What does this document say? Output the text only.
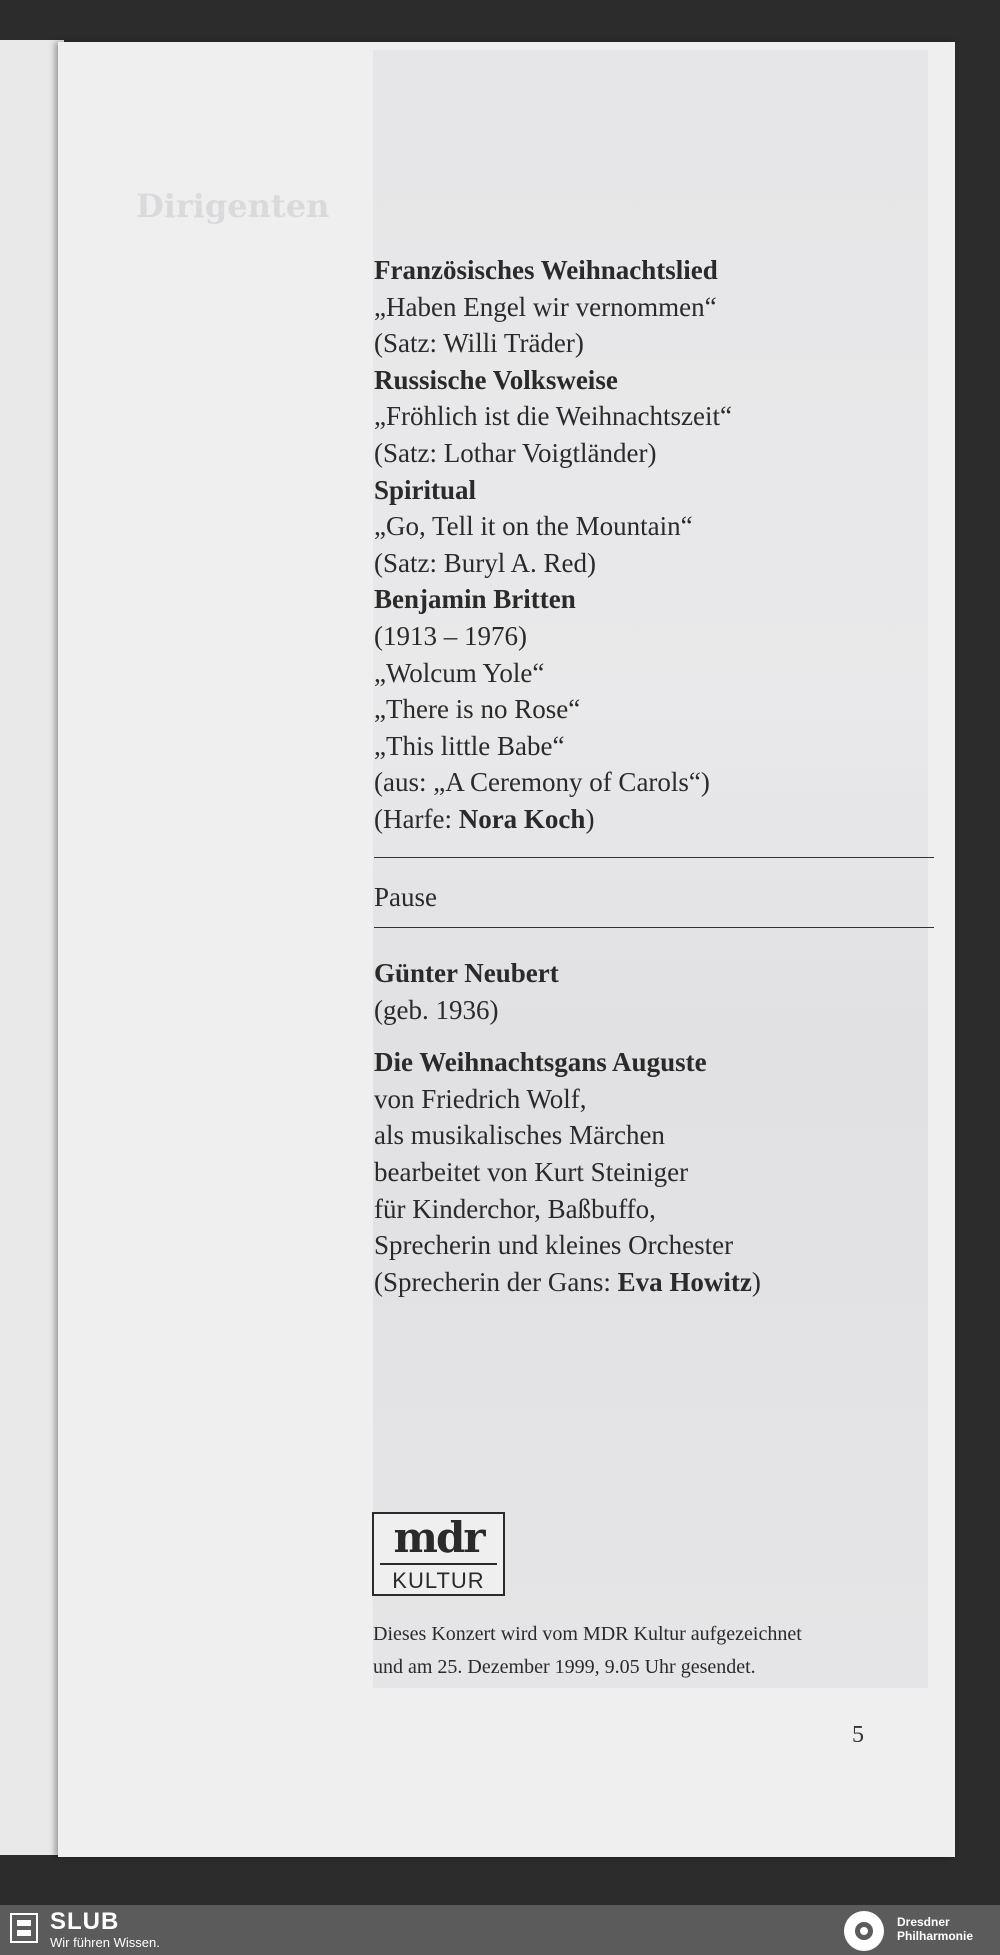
Dirigenten
Französisches Weihnachtslied
„Haben Engel wir vernommen“
(Satz: Willi Träder)
Russische Volksweise
„Fröhlich ist die Weihnachtszeit“
(Satz: Lothar Voigtländer)
Spiritual
„Go, Tell it on the Mountain“
(Satz: Buryl A. Red)
Benjamin Britten
(1913 – 1976)
„Wolcum Yole“
„There is no Rose“
„This little Babe“
(aus: „A Ceremony of Carols“)
(Harfe: Nora Koch)
Pause
Günter Neubert
(geb. 1936)
Die Weihnachtsgans Auguste
von Friedrich Wolf,
als musikalisches Märchen
bearbeitet von Kurt Steiniger
für Kinderchor, Baßbuffo,
Sprecherin und kleines Orchester
(Sprecherin der Gans: Eva Howitz)
mdr
KULTUR
Dieses Konzert wird vom MDR Kultur aufgezeichnet
und am 25. Dezember 1999, 9.05 Uhr gesendet.
5
SLUB
Wir führen Wissen.
Dresdner
Philharmonie
